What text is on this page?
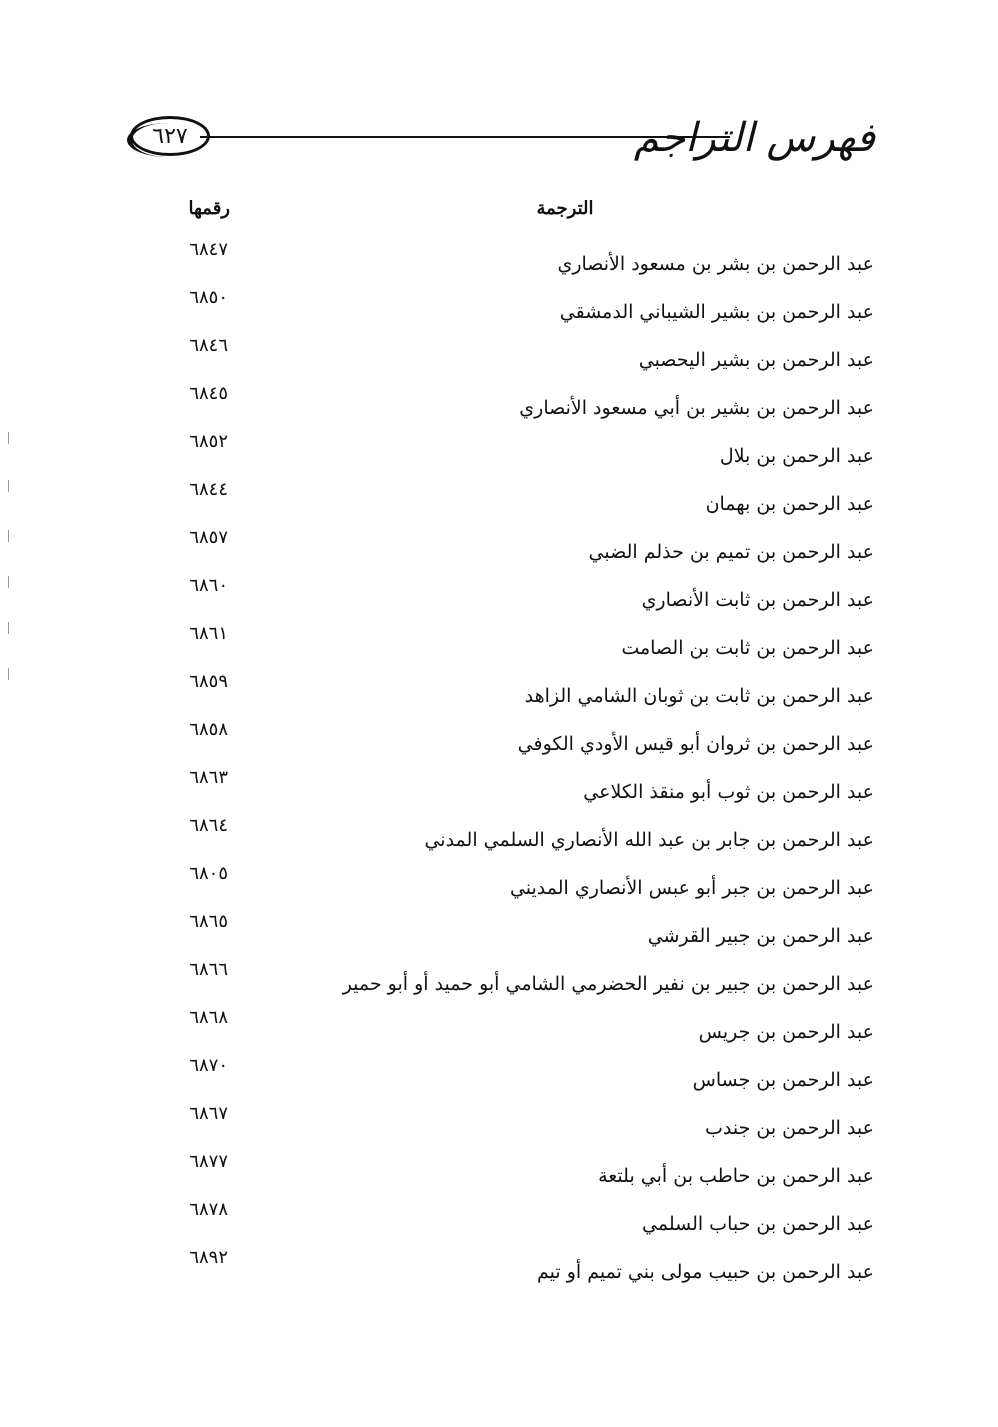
فهرس التراجم
٦٢٧
الترجمة
رقمها
عبد الرحمن بن بشر بن مسعود الأنصاري
٦٨٤٧
عبد الرحمن بن بشير الشيباني الدمشقي
٦٨٥٠
عبد الرحمن بن بشير اليحصبي
٦٨٤٦
عبد الرحمن بن بشير بن أبي مسعود الأنصاري
٦٨٤٥
عبد الرحمن بن بلال
٦٨٥٢
عبد الرحمن بن بهمان
٦٨٤٤
عبد الرحمن بن تميم بن حذلم الضبي
٦٨٥٧
عبد الرحمن بن ثابت الأنصاري
٦٨٦٠
عبد الرحمن بن ثابت بن الصامت
٦٨٦١
عبد الرحمن بن ثابت بن ثوبان الشامي الزاهد
٦٨٥٩
عبد الرحمن بن ثروان أبو قيس الأودي الكوفي
٦٨٥٨
عبد الرحمن بن ثوب أبو منقذ الكلاعي
٦٨٦٣
عبد الرحمن بن جابر بن عبد الله الأنصاري السلمي المدني
٦٨٦٤
عبد الرحمن بن جبر أبو عبس الأنصاري المديني
٦٨٠٥
عبد الرحمن بن جبير القرشي
٦٨٦٥
عبد الرحمن بن جبير بن نفير الحضرمي الشامي أبو حميد أو أبو حمير
٦٨٦٦
عبد الرحمن بن جريس
٦٨٦٨
عبد الرحمن بن جساس
٦٨٧٠
عبد الرحمن بن جندب
٦٨٦٧
عبد الرحمن بن حاطب بن أبي بلتعة
٦٨٧٧
عبد الرحمن بن حباب السلمي
٦٨٧٨
عبد الرحمن بن حبيب مولى بني تميم أو تيم
٦٨٩٢
